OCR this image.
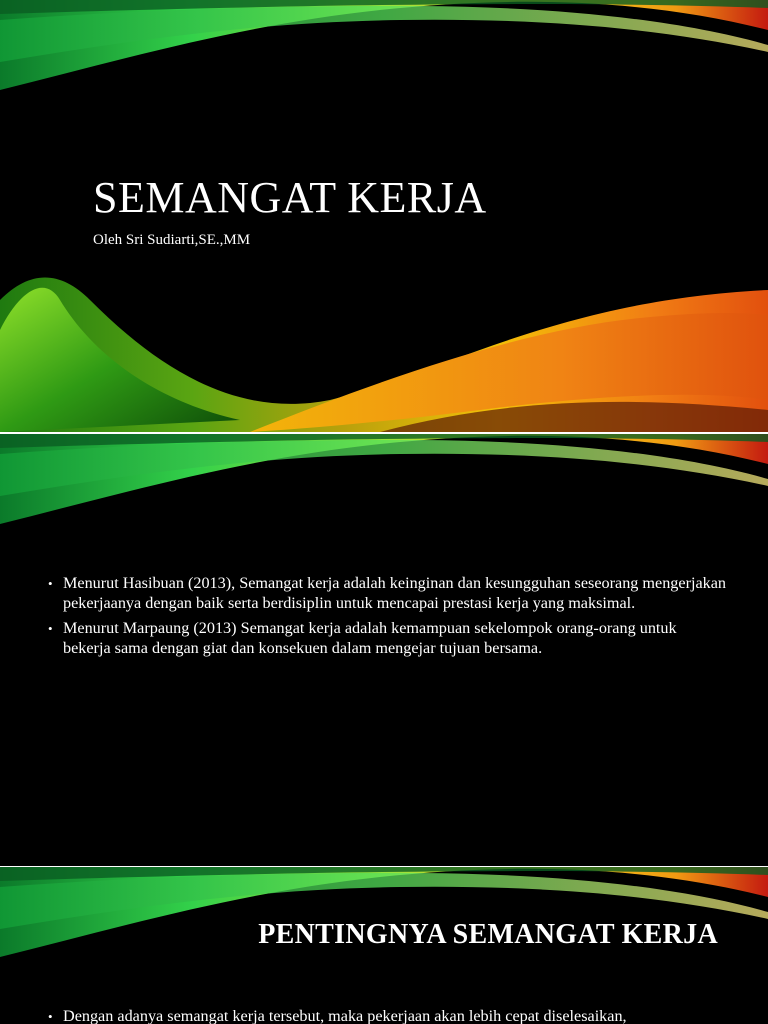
SEMANGAT KERJA

Oleh Sri Sudiarti,SE.,MM

• Menurut Hasibuan (2013), Semangat kerja adalah keinginan dan kesungguhan seseorang mengerjakan pekerjaanya dengan baik serta berdisiplin untuk mencapai prestasi kerja yang maksimal.
• Menurut Marpaung (2013) Semangat kerja adalah kemampuan sekelompok orang-orang untuk bekerja sama dengan giat dan konsekuen dalam mengejar tujuan bersama.
PENTINGNYA SEMANGAT KERJA
• Dengan adanya semangat kerja tersebut, maka pekerjaan akan lebih cepat diselesaikan,
